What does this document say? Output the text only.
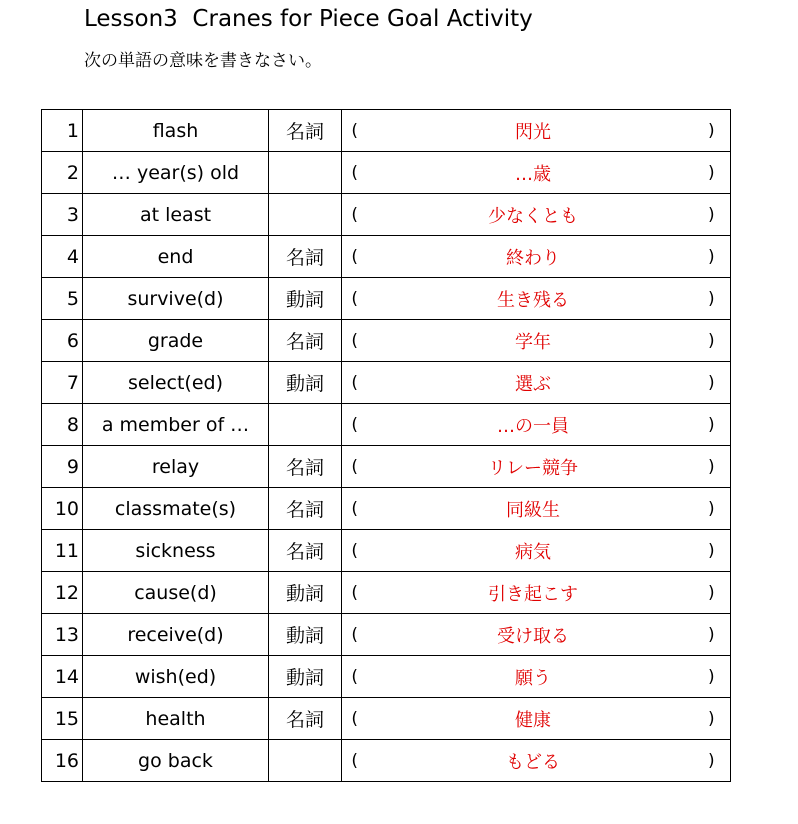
Lesson3  Cranes for Piece Goal Activity
次の単語の意味を書きなさい。
1	flash	名詞	( 閃光 )

2	… year(s) old		( …歳 )

3	at least		( 少なくとも )

4	end	名詞	( 終わり )

5	survive(d)	動詞	( 生き残る )

6	grade	名詞	( 学年 )

7	select(ed)	動詞	( 選ぶ )

8	a member of …		( …の一員 )

9	relay	名詞	( リレー競争 )

10	classmate(s)	名詞	( 同級生 )

11	sickness	名詞	( 病気 )

12	cause(d)	動詞	( 引き起こす )

13	receive(d)	動詞	( 受け取る )

14	wish(ed)	動詞	( 願う )

15	health	名詞	( 健康 )

16	go back		( もどる )
